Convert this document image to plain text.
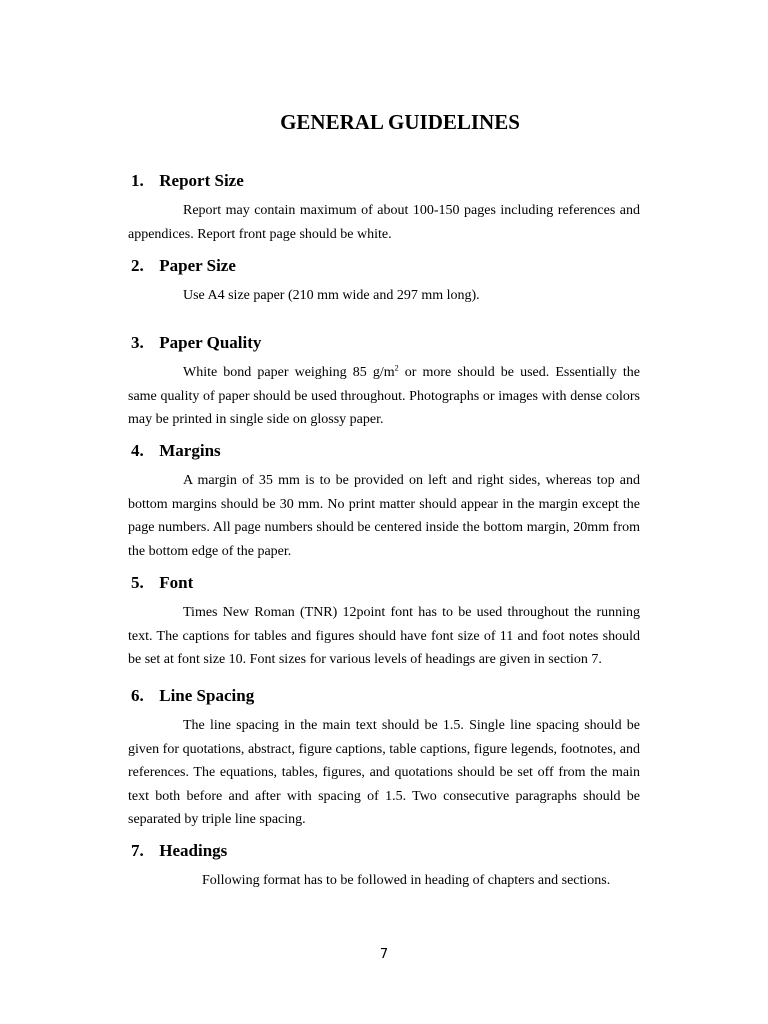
GENERAL GUIDELINES
1. Report Size

Report may contain maximum of about 100-150 pages including references and appendices. Report front page should be white.

2. Paper Size

Use A4 size paper (210 mm wide and 297 mm long).

3. Paper Quality

White bond paper weighing 85 $g/m^2$ or more should be used. Essentially the same quality of paper should be used throughout. Photographs or images with dense colors may be printed in single side on glossy paper.

4. Margins

A margin of 35 mm is to be provided on left and right sides, whereas top and bottom margins should be 30 mm. No print matter should appear in the margin except the page numbers. All page numbers should be centered inside the bottom margin, 20mm from the bottom edge of the paper.

5. Font

Times New Roman (TNR) 12point font has to be used throughout the running text. The captions for tables and figures should have font size of 11 and foot notes should be set at font size 10. Font sizes for various levels of headings are given in section 7.

6. Line Spacing

The line spacing in the main text should be 1.5. Single line spacing should be given for quotations, abstract, figure captions, table captions, figure legends, footnotes, and references. The equations, tables, figures, and quotations should be set off from the main text both before and after with spacing of 1.5. Two consecutive paragraphs should be separated by triple line spacing.

7. Headings

Following format has to be followed in heading of chapters and sections.

7
